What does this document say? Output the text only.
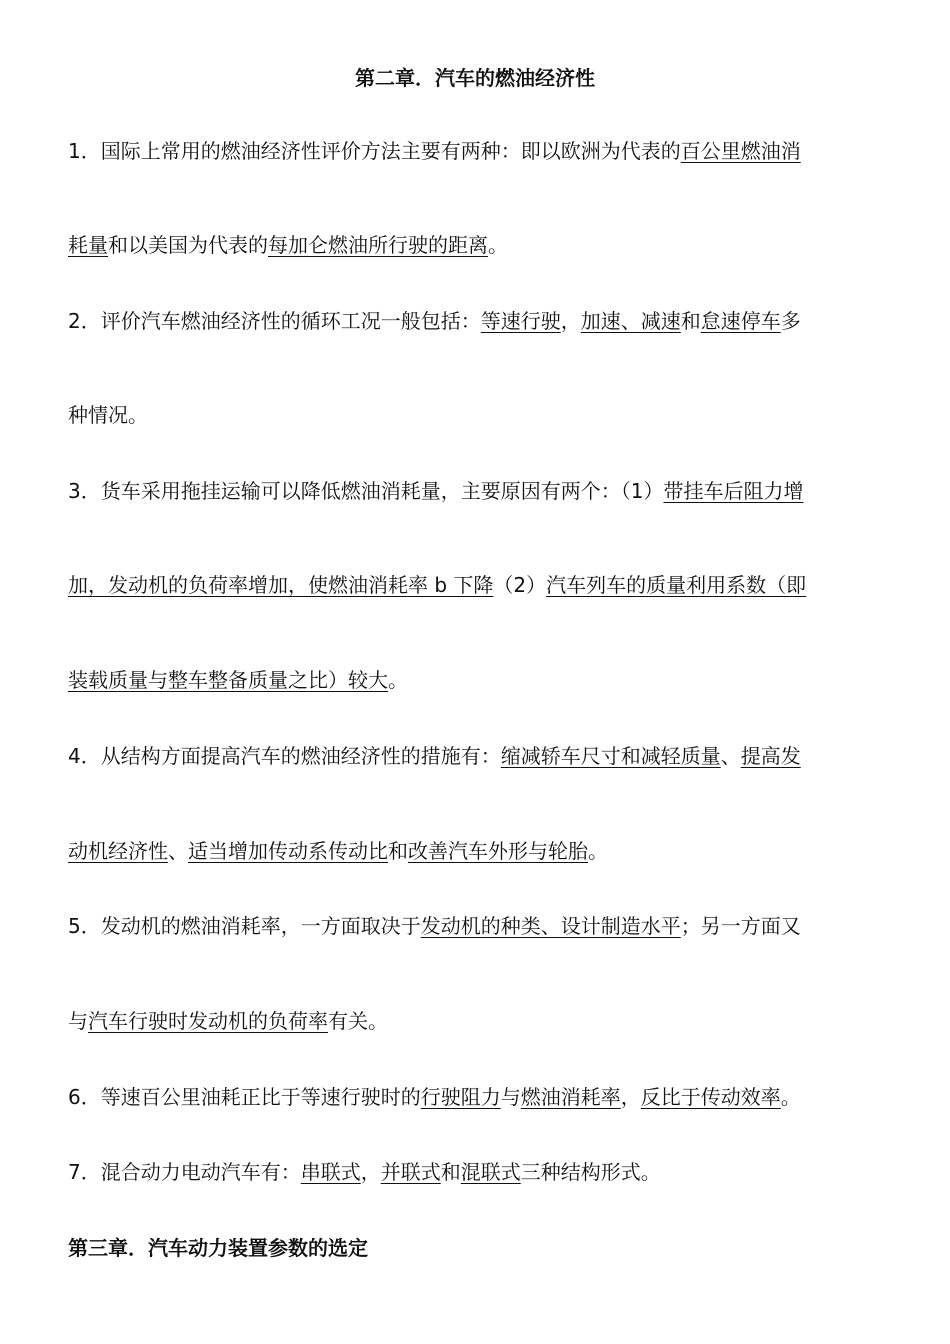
第二章．汽车的燃油经济性
1．国际上常用的燃油经济性评价方法主要有两种：即以欧洲为代表的百公里燃油消
耗量和以美国为代表的每加仑燃油所行驶的距离。
2．评价汽车燃油经济性的循环工况一般包括：等速行驶，加速、减速和怠速停车多
种情况。
3．货车采用拖挂运输可以降低燃油消耗量，主要原因有两个：（1）带挂车后阻力增
加，发动机的负荷率增加，使燃油消耗率 b 下降（2）汽车列车的质量利用系数（即
装载质量与整车整备质量之比）较大。
4．从结构方面提高汽车的燃油经济性的措施有：缩减轿车尺寸和减轻质量、提高发
动机经济性、适当增加传动系传动比和改善汽车外形与轮胎。
5．发动机的燃油消耗率，一方面取决于发动机的种类、设计制造水平；另一方面又
与汽车行驶时发动机的负荷率有关。
6．等速百公里油耗正比于等速行驶时的行驶阻力与燃油消耗率，反比于传动效率。
7．混合动力电动汽车有：串联式，并联式和混联式三种结构形式。
第三章．汽车动力装置参数的选定
